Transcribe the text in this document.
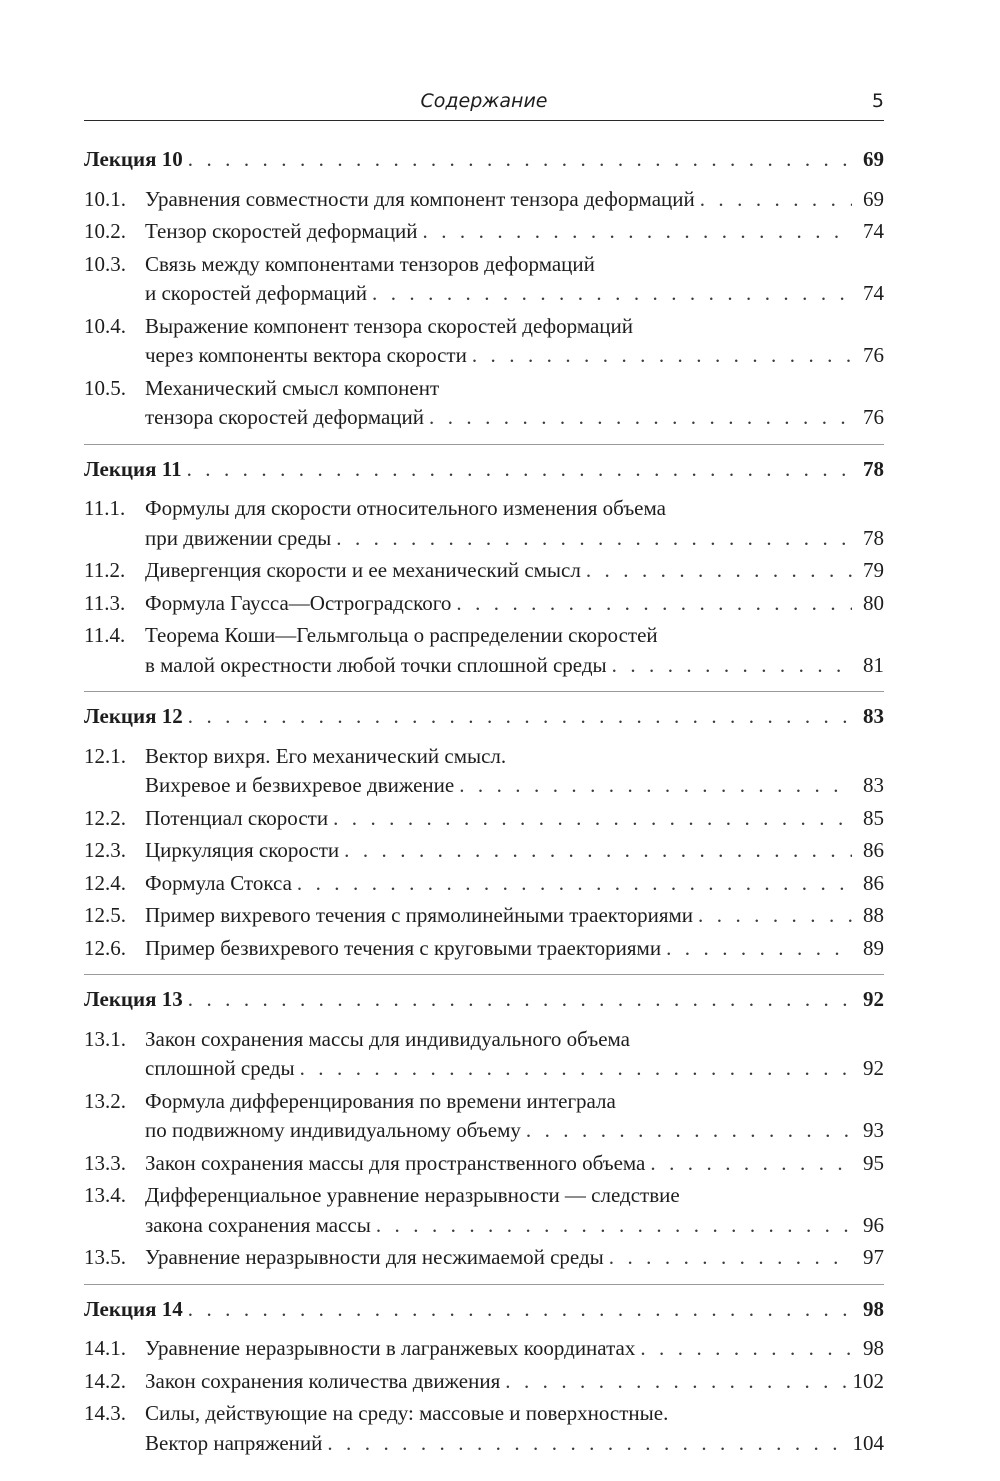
Содержание	5
Лекция 10 . . .	69
10.1. Уравнения совместности для компонент тензора деформаций . . .	69
10.2. Тензор скоростей деформаций . . .	74
10.3. Связь между компонентами тензоров деформаций
и скоростей деформаций . . .	74
10.4. Выражение компонент тензора скоростей деформаций
через компоненты вектора скорости . . .	76
10.5. Механический смысл компонент
тензора скоростей деформаций . . .	76
Лекция 11 . . .	78
11.1. Формулы для скорости относительного изменения объема
при движении среды . . .	78
11.2. Дивергенция скорости и ее механический смысл . . .	79
11.3. Формула Гаусса—Остроградского . . .	80
11.4. Теорема Коши—Гельмгольца о распределении скоростей
в малой окрестности любой точки сплошной среды . . .	81
Лекция 12 . . .	83
12.1. Вектор вихря. Его механический смысл.
Вихревое и безвихревое движение . . .	83
12.2. Потенциал скорости . . .	85
12.3. Циркуляция скорости . . .	86
12.4. Формула Стокса . . .	86
12.5. Пример вихревого течения с прямолинейными траекториями . . .	88
12.6. Пример безвихревого течения с круговыми траекториями . . .	89
Лекция 13 . . .	92
13.1. Закон сохранения массы для индивидуального объема
сплошной среды . . .	92
13.2. Формула дифференцирования по времени интеграла
по подвижному индивидуальному объему . . .	93
13.3. Закон сохранения массы для пространственного объема . . .	95
13.4. Дифференциальное уравнение неразрывности — следствие
закона сохранения массы . . .	96
13.5. Уравнение неразрывности для несжимаемой среды . . .	97
Лекция 14 . . .	98
14.1. Уравнение неразрывности в лагранжевых координатах . . .	98
14.2. Закон сохранения количества движения . . .	102
14.3. Силы, действующие на среду: массовые и поверхностные.
Вектор напряжений . . .	104
